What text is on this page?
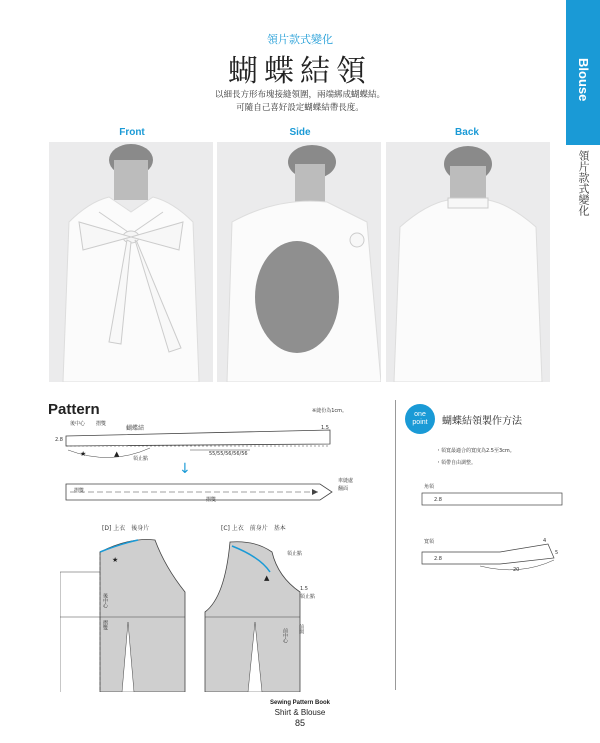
領片款式變化
蝴蝶結領
以細長方形布塊接縫領圍，兩端綁成蝴蝶結。
可隨自己喜好設定蝴蝶結帶長度。
Blouse
領片款式變化
Front	Side	Back
Pattern	※縫份為1cm。
★	▲
後中心 摺雙
蝴蝶結
2.8
1.5
領止點
55/55/56/56/56
↓
摺雙
摺雙
車縫處
翻面
[D] 上衣　後身片	[C] 上衣　前身片　基本
★
▲
後中心
摺雙
領止點
1.5
領止點
前中心 前開
one
point	蝴蝶結領製作方法
・領寬最適合的寬度為2.5至3cm。
・領帶自由調整。
角領
2.8
寬領
2.8
20
4
5
Sewing Pattern Book
Shirt & Blouse
85
